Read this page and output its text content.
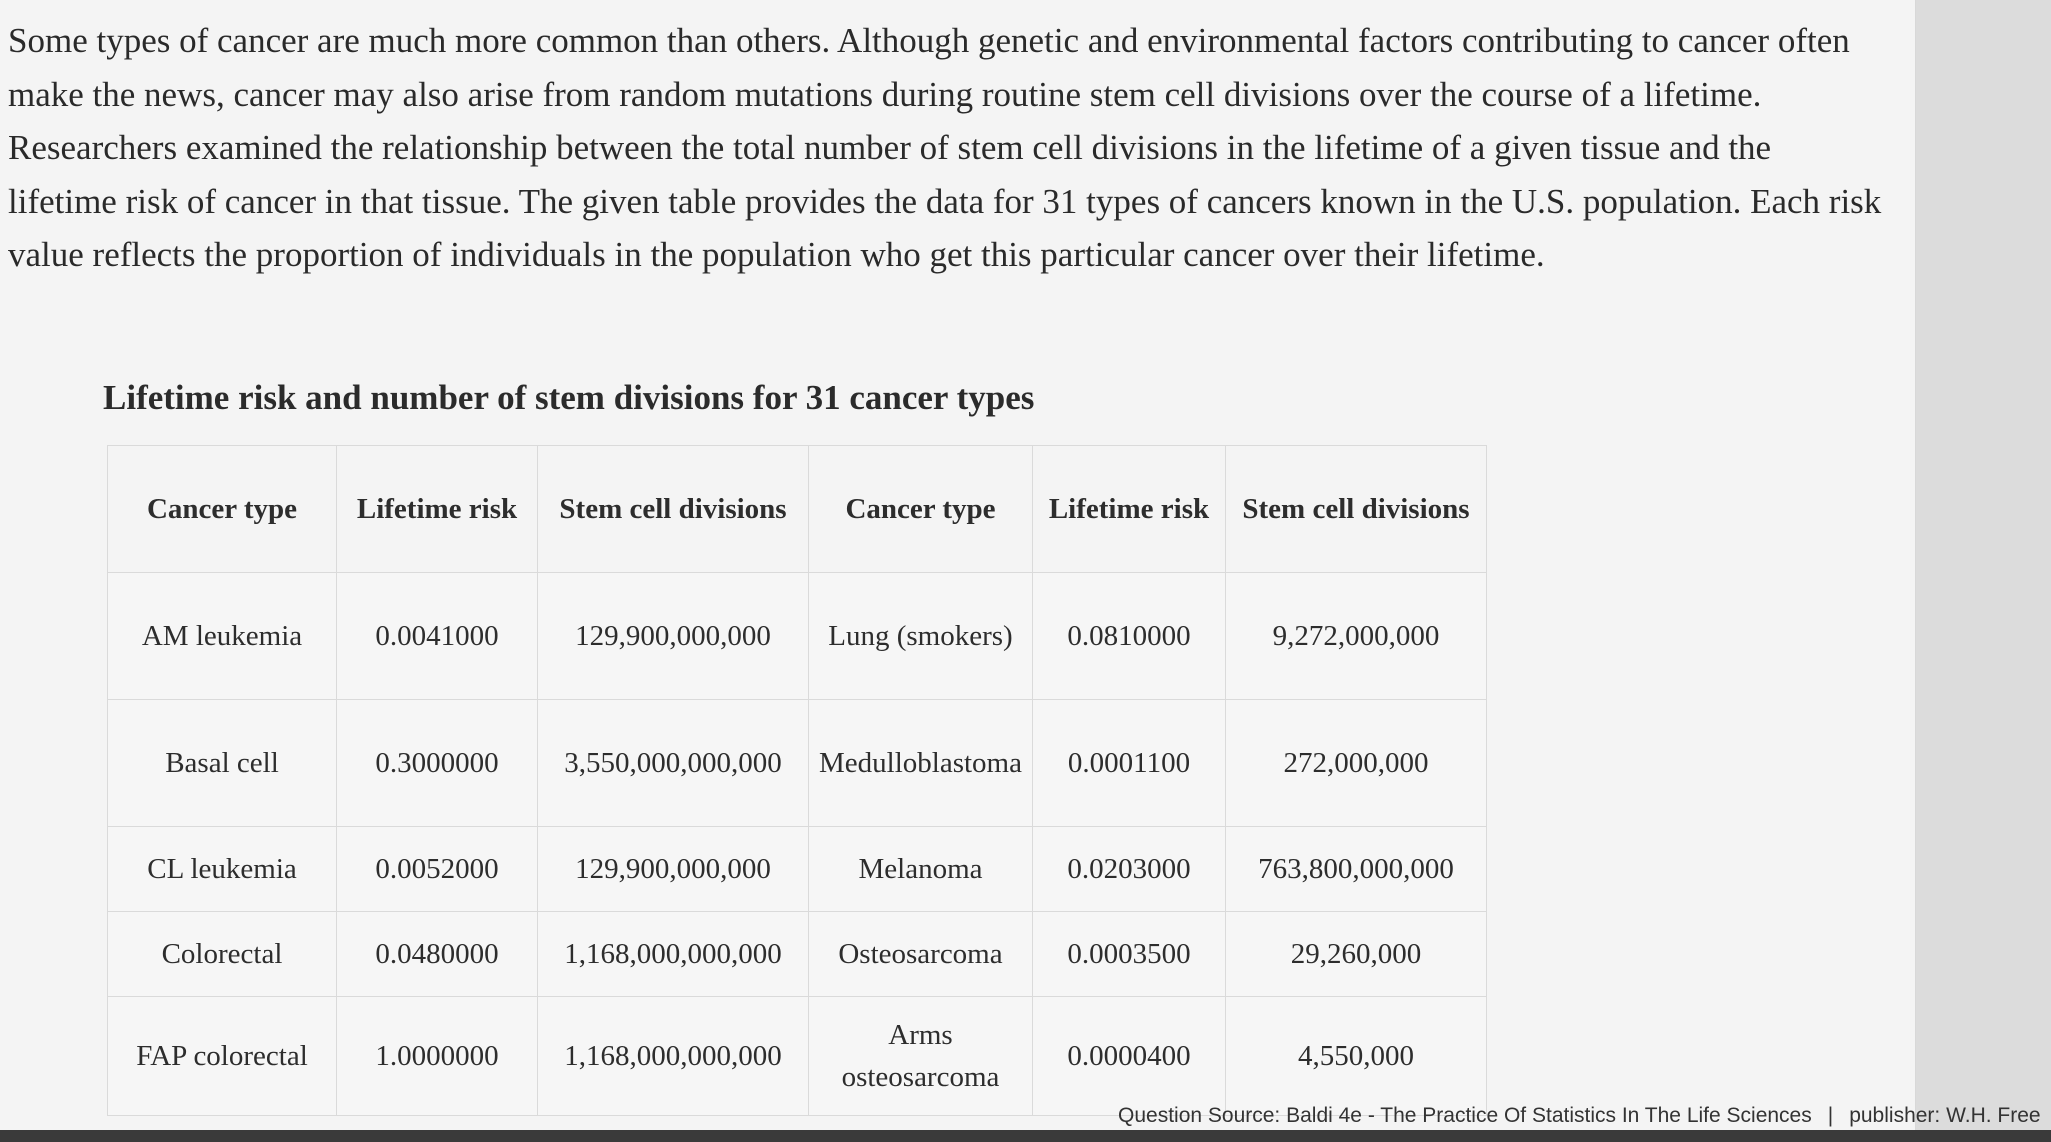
Some types of cancer are much more common than others. Although genetic and environmental factors contributing to cancer often make the news, cancer may also arise from random mutations during routine stem cell divisions over the course of a lifetime. Researchers examined the relationship between the total number of stem cell divisions in the lifetime of a given tissue and the lifetime risk of cancer in that tissue. The given table provides the data for 31 types of cancers known in the U.S. population. Each risk value reflects the proportion of individuals in the population who get this particular cancer over their lifetime.

Lifetime risk and number of stem divisions for 31 cancer types
Cancer type	Lifetime risk	Stem cell divisions	Cancer type	Lifetime risk	Stem cell divisions
AM leukemia	0.0041000	129,900,000,000	Lung (smokers)	0.0810000	9,272,000,000
Basal cell	0.3000000	3,550,000,000,000	Medulloblastoma	0.0001100	272,000,000
CL leukemia	0.0052000	129,900,000,000	Melanoma	0.0203000	763,800,000,000
Colorectal	0.0480000	1,168,000,000,000	Osteosarcoma	0.0003500	29,260,000
FAP colorectal	1.0000000	1,168,000,000,000	Arms osteosarcoma	0.0000400	4,550,000

Question Source: Baldi 4e - The Practice Of Statistics In The Life Sciences | publisher: W.H. Free
